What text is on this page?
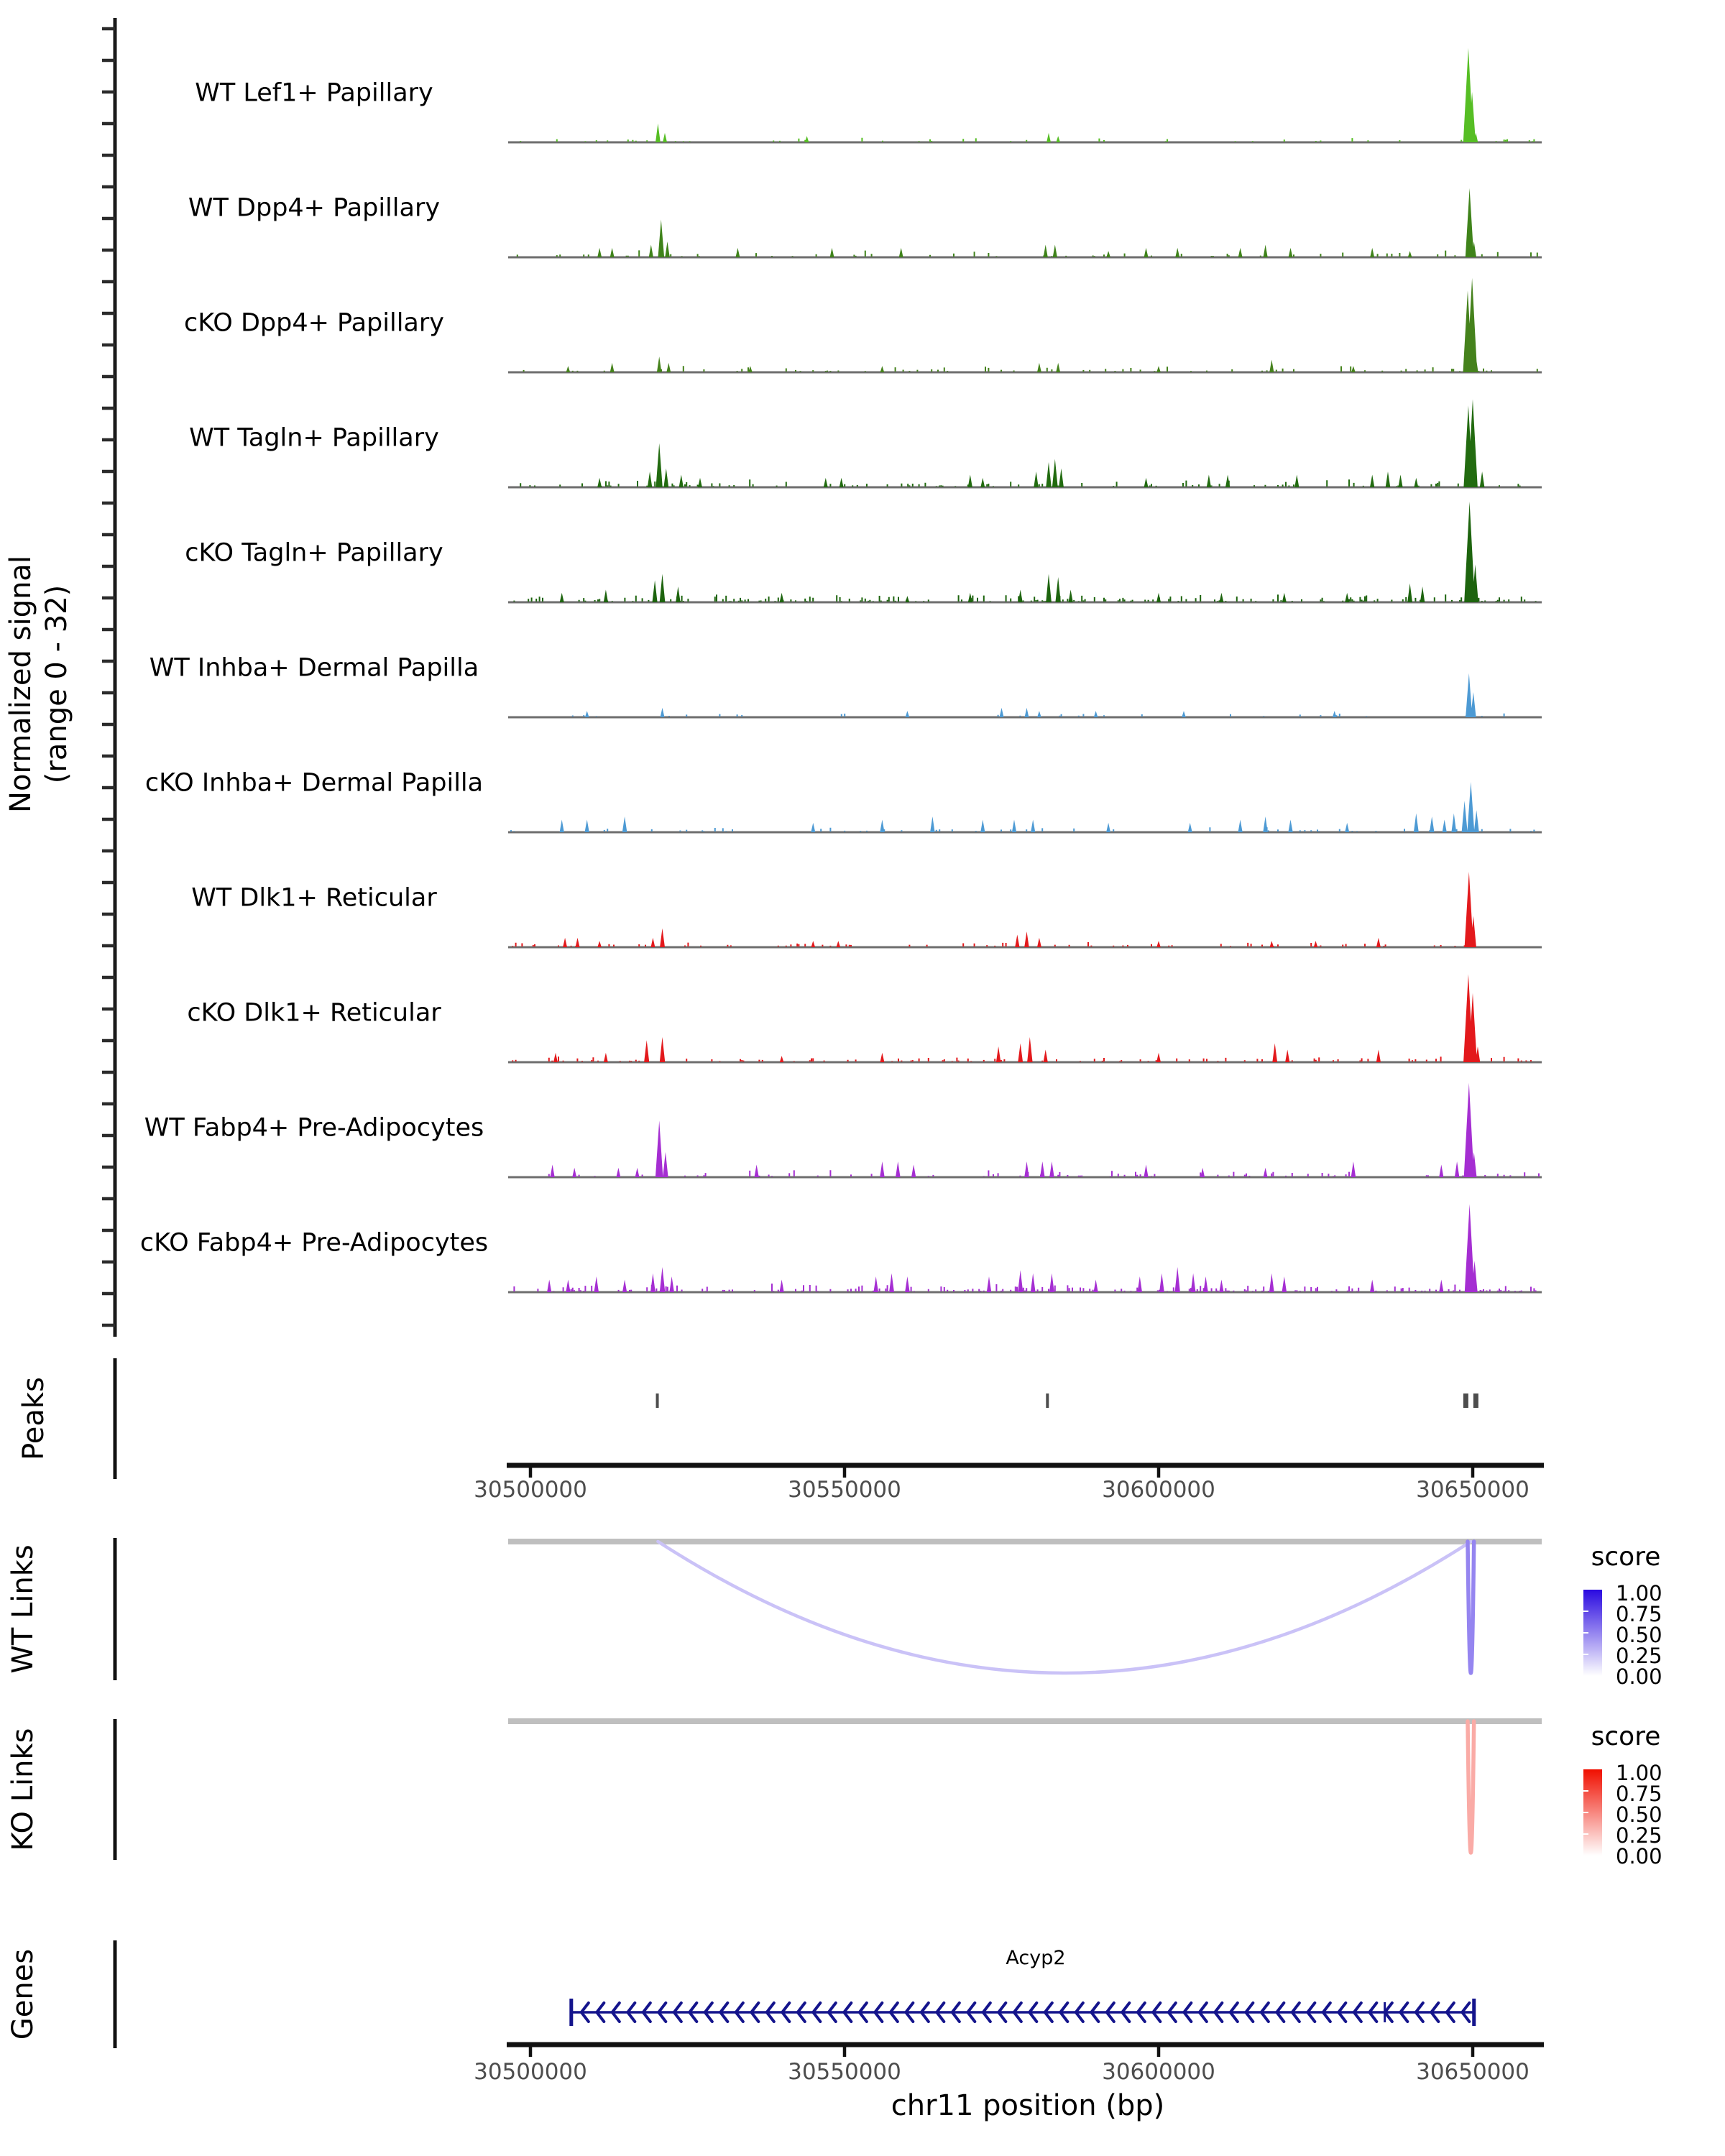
Normalized signal (range 0 - 32)
WT Lef1+ Papillary
WT Dpp4+ Papillary
cKO Dpp4+ Papillary
WT Tagln+ Papillary
cKO Tagln+ Papillary
WT Inhba+ Dermal Papilla
cKO Inhba+ Dermal Papilla
WT Dlk1+ Reticular
cKO Dlk1+ Reticular
WT Fabp4+ Pre-Adipocytes
cKO Fabp4+ Pre-Adipocytes
Peaks
30500000	30550000	30600000	30650000
WT Links	score
1.00
0.75
0.50
0.25
0.00
KO Links	score
1.00
0.75
0.50
0.25
0.00
Genes	Acyp2
30500000	30550000	30600000	30650000
chr11 position (bp)
